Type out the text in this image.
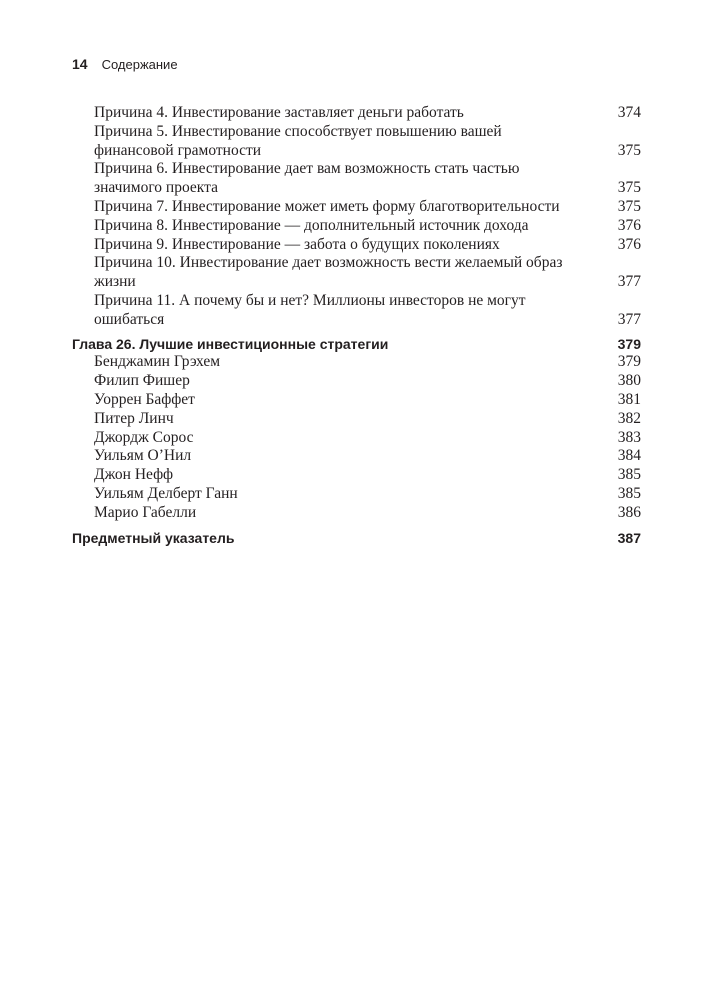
14 Содержание
Причина 4. Инвестирование заставляет деньги работать	374
Причина 5. Инвестирование способствует повышению вашей финансовой грамотности	375
Причина 6. Инвестирование дает вам возможность стать частью значимого проекта	375
Причина 7. Инвестирование может иметь форму благотворительности	375
Причина 8. Инвестирование — дополнительный источник дохода	376
Причина 9. Инвестирование — забота о будущих поколениях	376
Причина 10. Инвестирование дает возможность вести желаемый образ жизни	377
Причина 11. А почему бы и нет? Миллионы инвесторов не могут ошибаться	377
Глава 26. Лучшие инвестиционные стратегии	379
Бенджамин Грэхем	379
Филип Фишер	380
Уоррен Баффет	381
Питер Линч	382
Джордж Сорос	383
Уильям О’Нил	384
Джон Нефф	385
Уильям Делберт Ганн	385
Марио Габелли	386
Предметный указатель	387
